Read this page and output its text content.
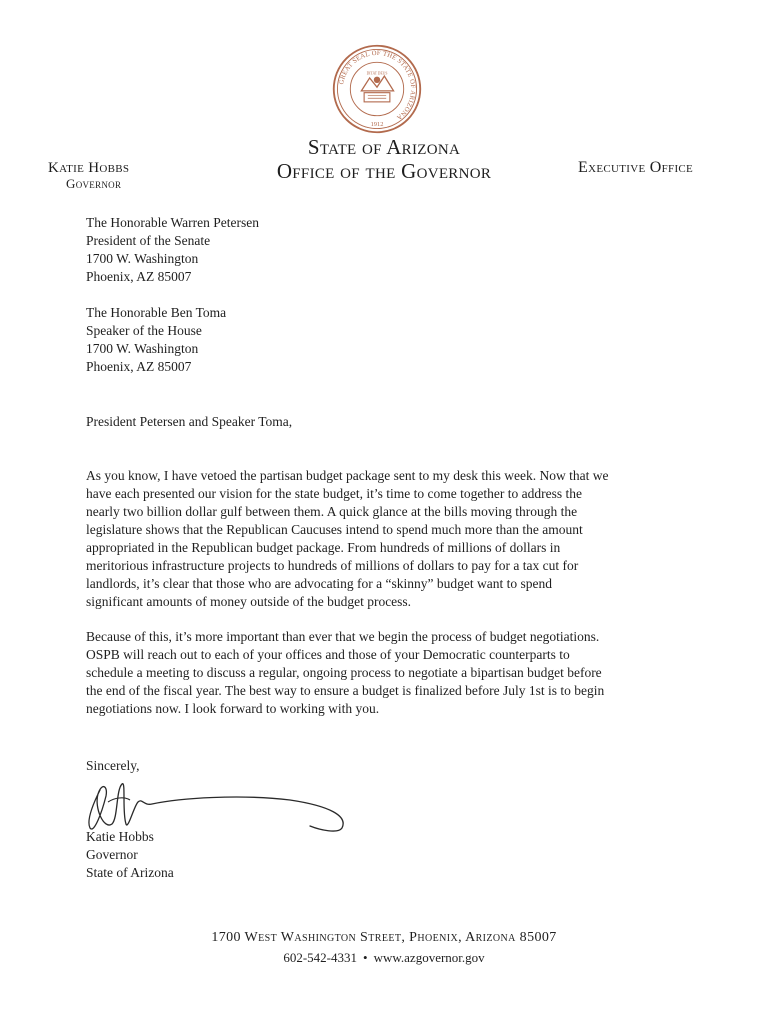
GREAT SEAL OF THE STATE OF ARIZONA
DITAT DEUS
1912
State of Arizona
Office of the Governor
Katie Hobbs
Governor
Executive Office
The Honorable Warren Petersen
President of the Senate
1700 W. Washington
Phoenix, AZ 85007
The Honorable Ben Toma
Speaker of the House
1700 W. Washington
Phoenix, AZ 85007
President Petersen and Speaker Toma,

As you know, I have vetoed the partisan budget package sent to my desk this week. Now that we
have each presented our vision for the state budget, it’s time to come together to address the
nearly two billion dollar gulf between them. A quick glance at the bills moving through the
legislature shows that the Republican Caucuses intend to spend much more than the amount
appropriated in the Republican budget package. From hundreds of millions of dollars in
meritorious infrastructure projects to hundreds of millions of dollars to pay for a tax cut for
landlords, it’s clear that those who are advocating for a “skinny” budget want to spend
significant amounts of money outside of the budget process.

Because of this, it’s more important than ever that we begin the process of budget negotiations.
OSPB will reach out to each of your offices and those of your Democratic counterparts to
schedule a meeting to discuss a regular, ongoing process to negotiate a bipartisan budget before
the end of the fiscal year. The best way to ensure a budget is finalized before July 1st is to begin
negotiations now. I look forward to working with you.

Sincerely,
Katie Hobbs
Governor
State of Arizona
1700 West Washington Street, Phoenix, Arizona 85007
602-542-4331 • www.azgovernor.gov
